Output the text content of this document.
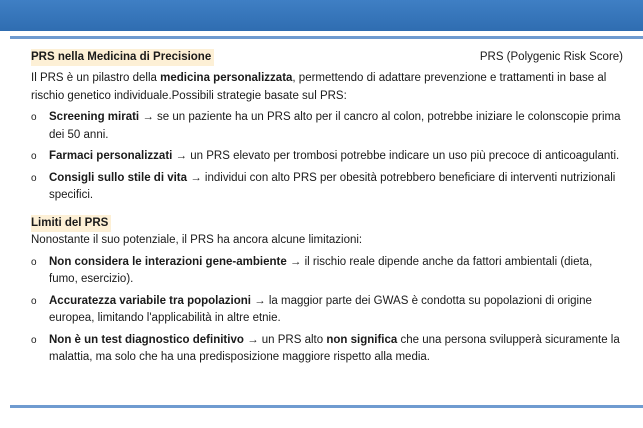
PRS nella Medicina di Precisione	PRS (Polygenic Risk Score)

Il PRS è un pilastro della medicina personalizzata, permettendo di adattare prevenzione e trattamenti in base al rischio genetico individuale.Possibili strategie basate sul PRS:

o Screening mirati → se un paziente ha un PRS alto per il cancro al colon, potrebbe iniziare le colonscopie prima dei 50 anni.
o Farmaci personalizzati → un PRS elevato per trombosi potrebbe indicare un uso più precoce di anticoagulanti.
o Consigli sullo stile di vita → individui con alto PRS per obesità potrebbero beneficiare di interventi nutrizionali specifici.
Limiti del PRS

Nonostante il suo potenziale, il PRS ha ancora alcune limitazioni:

o Non considera le interazioni gene-ambiente → il rischio reale dipende anche da fattori ambientali (dieta, fumo, esercizio).
o Accuratezza variabile tra popolazioni → la maggior parte dei GWAS è condotta su popolazioni di origine europea, limitando l'applicabilità in altre etnie.
o Non è un test diagnostico definitivo → un PRS alto non significa che una persona svilupperà sicuramente la malattia, ma solo che ha una predisposizione maggiore rispetto alla media.
